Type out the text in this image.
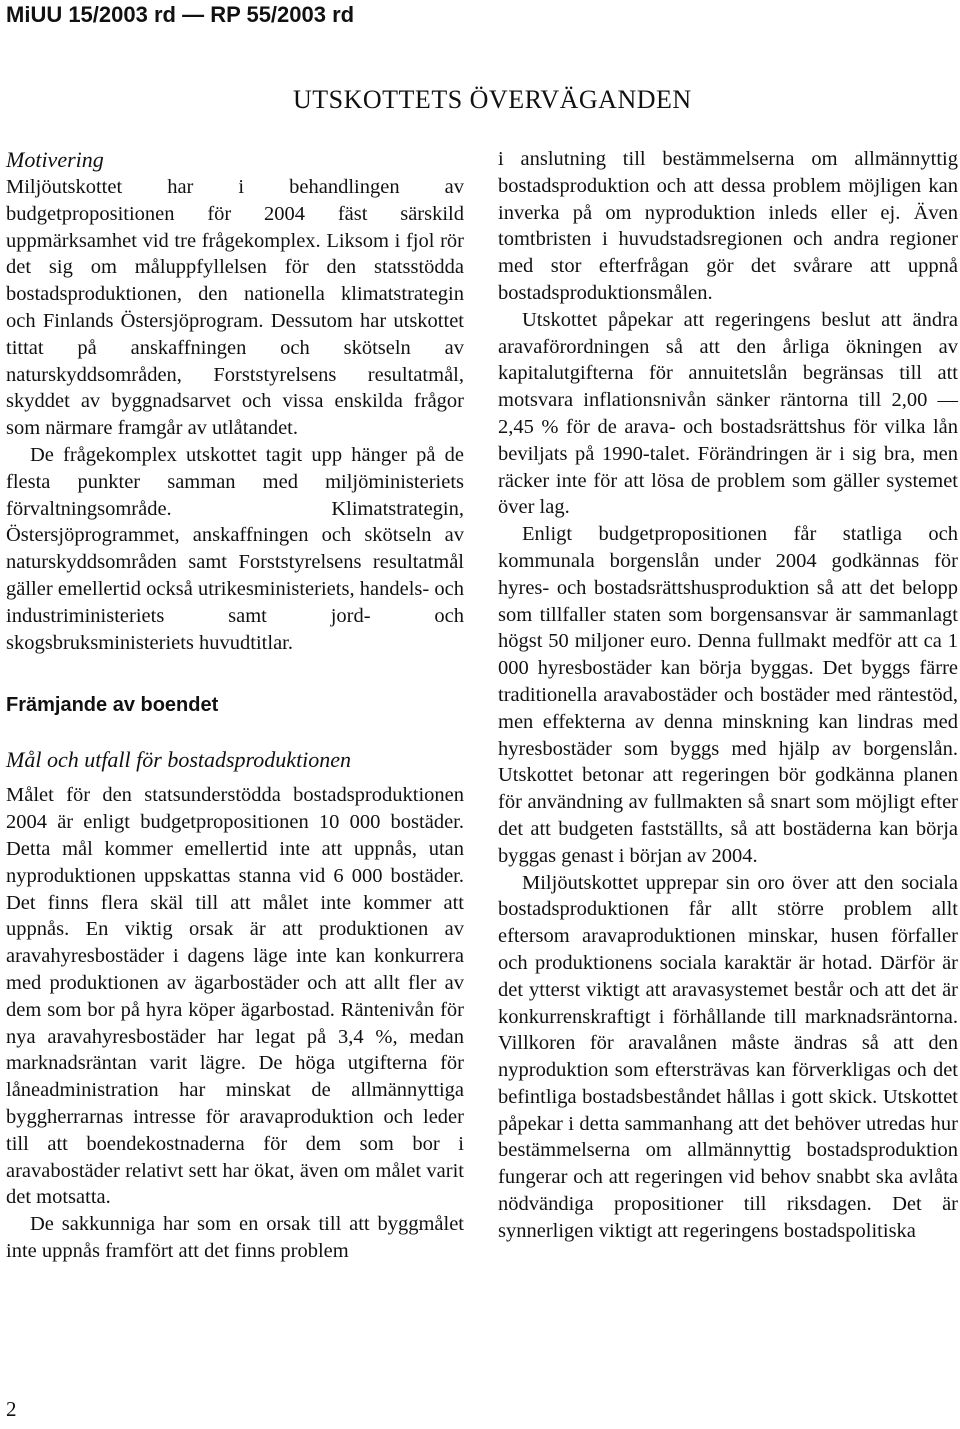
MiUU 15/2003 rd — RP 55/2003 rd
UTSKOTTETS ÖVERVÄGANDEN
Motivering

Miljöutskottet har i behandlingen av budgetpropositionen för 2004 fäst särskild uppmärksamhet vid tre frågekomplex. Liksom i fjol rör det sig om måluppfyllelsen för den statsstödda bostadsproduktionen, den nationella klimatstrategin och Finlands Östersjöprogram. Dessutom har utskottet tittat på anskaffningen och skötseln av naturskyddsområden, Forststyrelsens resultatmål, skyddet av byggnadsarvet och vissa enskilda frågor som närmare framgår av utlåtandet.

De frågekomplex utskottet tagit upp hänger på de flesta punkter samman med miljöministeriets förvaltningsområde. Klimatstrategin, Östersjöprogrammet, anskaffningen och skötseln av naturskyddsområden samt Forststyrelsens resultatmål gäller emellertid också utrikesministeriets, handels- och industriministeriets samt jord- och skogsbruksministeriets huvudtitlar.

Främjande av boendet
Mål och utfall för bostadsproduktionen

Målet för den statsunderstödda bostadsproduktionen 2004 är enligt budgetpropositionen 10 000 bostäder. Detta mål kommer emellertid inte att uppnås, utan nyproduktionen uppskattas stanna vid 6 000 bostäder. Det finns flera skäl till att målet inte kommer att uppnås. En viktig orsak är att produktionen av aravahyresbostäder i dagens läge inte kan konkurrera med produktionen av ägarbostäder och att allt fler av dem som bor på hyra köper ägarbostad. Räntenivån för nya aravahyresbostäder har legat på 3,4 %, medan marknadsräntan varit lägre. De höga utgifterna för låneadministration har minskat de allmännyttiga byggherrarnas intresse för aravaproduktion och leder till att boendekostnaderna för dem som bor i aravabostäder relativt sett har ökat, även om målet varit det motsatta.

De sakkunniga har som en orsak till att byggmålet inte uppnås framfört att det finns problem

i anslutning till bestämmelserna om allmännyttig bostadsproduktion och att dessa problem möjligen kan inverka på om nyproduktion inleds eller ej. Även tomtbristen i huvudstadsregionen och andra regioner med stor efterfrågan gör det svårare att uppnå bostadsproduktionsmålen.

Utskottet påpekar att regeringens beslut att ändra aravaförordningen så att den årliga ökningen av kapitalutgifterna för annuitetslån begränsas till att motsvara inflationsnivån sänker räntorna till 2,00 —2,45 % för de arava- och bostadsrättshus för vilka lån beviljats på 1990-talet. Förändringen är i sig bra, men räcker inte för att lösa de problem som gäller systemet över lag.

Enligt budgetpropositionen får statliga och kommunala borgenslån under 2004 godkännas för hyres- och bostadsrättshusproduktion så att det belopp som tillfaller staten som borgensansvar är sammanlagt högst 50 miljoner euro. Denna fullmakt medför att ca 1 000 hyresbostäder kan börja byggas. Det byggs färre traditionella aravabostäder och bostäder med räntestöd, men effekterna av denna minskning kan lindras med hyresbostäder som byggs med hjälp av borgenslån. Utskottet betonar att regeringen bör godkänna planen för användning av fullmakten så snart som möjligt efter det att budgeten fastställts, så att bostäderna kan börja byggas genast i början av 2004.

Miljöutskottet upprepar sin oro över att den sociala bostadsproduktionen får allt större problem allt eftersom aravaproduktionen minskar, husen förfaller och produktionens sociala karaktär är hotad. Därför är det ytterst viktigt att aravasystemet består och att det är konkurrenskraftigt i förhållande till marknadsräntorna. Villkoren för aravalånen måste ändras så att den nyproduktion som eftersträvas kan förverkligas och det befintliga bostadsbeståndet hållas i gott skick. Utskottet påpekar i detta sammanhang att det behöver utredas hur bestämmelserna om allmännyttig bostadsproduktion fungerar och att regeringen vid behov snabbt ska avlåta nödvändiga propositioner till riksdagen. Det är synnerligen viktigt att regeringens bostadspolitiska

2
